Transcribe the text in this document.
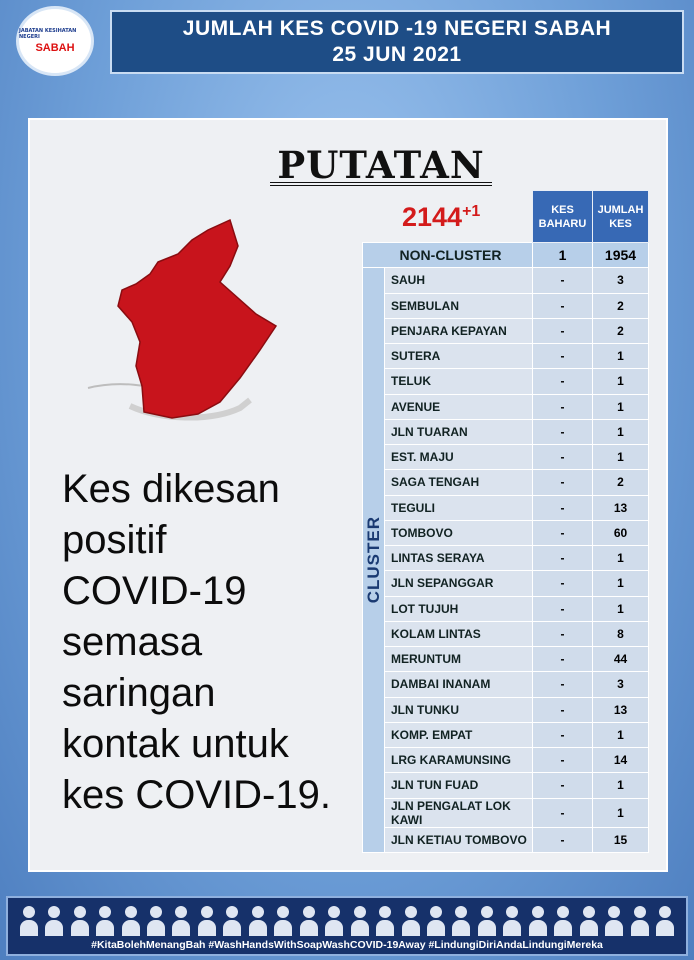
JABATAN KESIHATAN NEGERI
SABAH
JUMLAH KES COVID -19 NEGERI SABAH
25 JUN 2021
PUTATAN
$2144^{+1}$
Kes dikesan
positif
COVID-19
semasa
saringan
kontak untuk
kes COVID-19.
		KES BAHARU	JUMLAH KES
NON-CLUSTER		1	1954

CLUSTER	SAUH	-	3
	SEMBULAN	-	2
	PENJARA KEPAYAN	-	2
	SUTERA	-	1
	TELUK	-	1
	AVENUE	-	1
	JLN TUARAN	-	1
	EST. MAJU	-	1
	SAGA TENGAH	-	2
	TEGULI	-	13
	TOMBOVO	-	60
	LINTAS SERAYA	-	1
	JLN SEPANGGAR	-	1
	LOT TUJUH	-	1
	KOLAM LINTAS	-	8
	MERUNTUM	-	44
	DAMBAI INANAM	-	3
	JLN TUNKU	-	13
	KOMP. EMPAT	-	1
	LRG KARAMUNSING	-	14
	JLN TUN FUAD	-	1
	JLN PENGALAT LOK KAWI	-	1
	JLN KETIAU TOMBOVO	-	15
#KitaBolehMenangBah #WashHandsWithSoapWashCOVID-19Away #LindungiDiriAndaLindungiMereka
